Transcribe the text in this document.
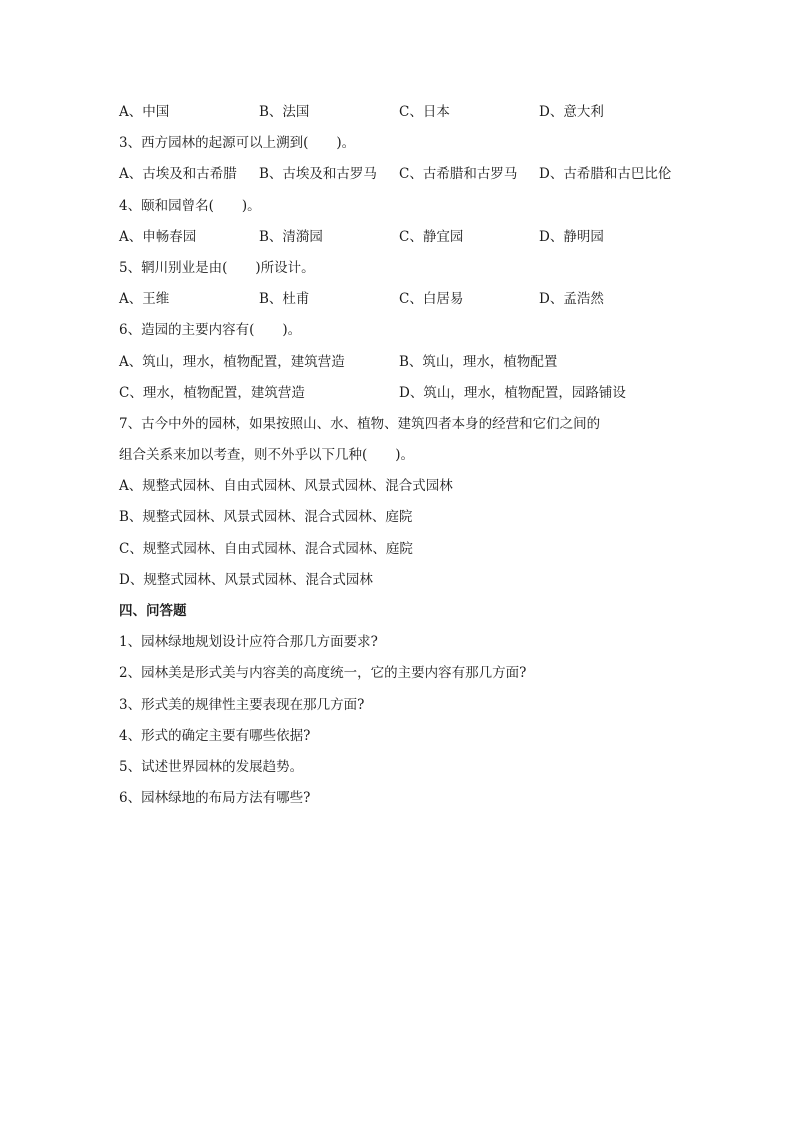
A、中国	B、法国	C、日本	D、意大利
3、西方园林的起源可以上溯到( )。
A、古埃及和古希腊	B、古埃及和古罗马	C、古希腊和古罗马	D、古希腊和古巴比伦
4、颐和园曾名( )。
A、申畅春园	B、清漪园	C、静宜园	D、静明园
5、辋川别业是由( )所设计。
A、王维	B、杜甫	C、白居易	D、孟浩然
6、造园的主要内容有( )。
A、筑山，理水，植物配置，建筑营造	B、筑山，理水，植物配置
C、理水，植物配置，建筑营造	D、筑山，理水，植物配置，园路铺设
7、古今中外的园林，如果按照山、水、植物、建筑四者本身的经营和它们之间的
组合关系来加以考查，则不外乎以下几种( )。
A、规整式园林、自由式园林、风景式园林、混合式园林
B、规整式园林、风景式园林、混合式园林、庭院
C、规整式园林、自由式园林、混合式园林、庭院
D、规整式园林、风景式园林、混合式园林
四、问答题
1、园林绿地规划设计应符合那几方面要求?
2、园林美是形式美与内容美的高度统一，它的主要内容有那几方面?
3、形式美的规律性主要表现在那几方面?
4、形式的确定主要有哪些依据?
5、试述世界园林的发展趋势。
6、园林绿地的布局方法有哪些?
